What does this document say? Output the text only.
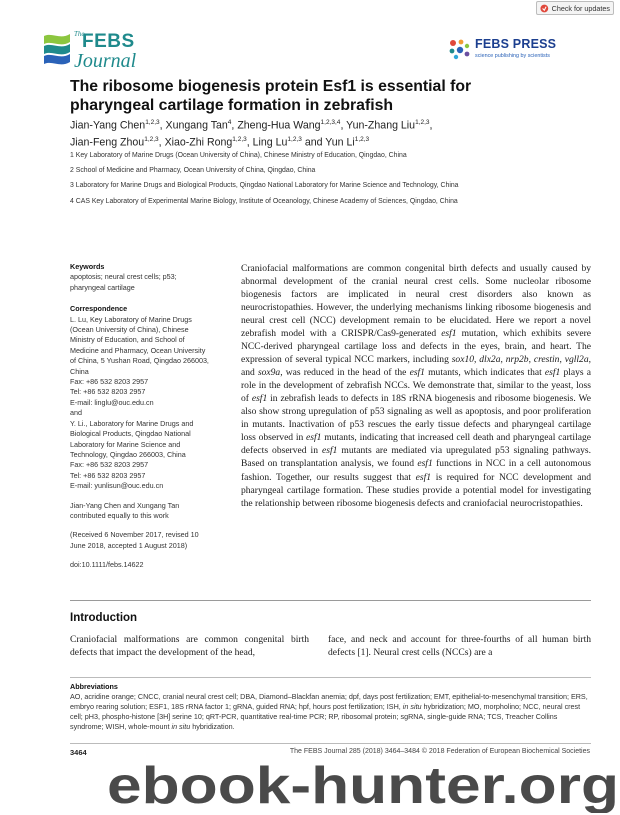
Check for updates
The
FEBS
Journal
FEBS PRESS
science publishing by scientists
The ribosome biogenesis protein Esf1 is essential for
pharyngeal cartilage formation in zebrafish
Jian-Yang Chen$^{1,2,3}$, Xungang Tan$^4$, Zheng-Hua Wang$^{1,2,3,4}$, Yun-Zhang Liu$^{1,2,3}$,
Jian-Feng Zhou$^{1,2,3}$, Xiao-Zhi Rong$^{1,2,3}$, Ling Lu$^{1,2,3}$ and Yun Li$^{1,2,3}$
1 Key Laboratory of Marine Drugs (Ocean University of China), Chinese Ministry of Education, Qingdao, China
2 School of Medicine and Pharmacy, Ocean University of China, Qingdao, China
3 Laboratory for Marine Drugs and Biological Products, Qingdao National Laboratory for Marine Science and Technology, China
4 CAS Key Laboratory of Experimental Marine Biology, Institute of Oceanology, Chinese Academy of Sciences, Qingdao, China
Keywords
apoptosis; neural crest cells; p53;
pharyngeal cartilage
Correspondence
L. Lu, Key Laboratory of Marine Drugs
(Ocean University of China), Chinese
Ministry of Education, and School of
Medicine and Pharmacy, Ocean University
of China, 5 Yushan Road, Qingdao 266003,
China
Fax: +86 532 8203 2957
Tel: +86 532 8203 2957
E-mail: linglu@ouc.edu.cn
and
Y. Li., Laboratory for Marine Drugs and
Biological Products, Qingdao National
Laboratory for Marine Science and
Technology, Qingdao 266003, China
Fax: +86 532 8203 2957
Tel: +86 532 8203 2957
E-mail: yunlisun@ouc.edu.cn
Jian-Yang Chen and Xungang Tan
contributed equally to this work
(Received 6 November 2017, revised 10
June 2018, accepted 1 August 2018)
doi:10.1111/febs.14622
Craniofacial malformations are common congenital birth defects and usually caused by abnormal development of the cranial neural crest cells. Some nucleolar ribosome biogenesis factors are implicated in neural crest disorders also known as neurocristopathies. However, the underlying mechanisms linking ribosome biogenesis and neural crest cell (NCC) development remain to be elucidated. Here we report a novel zebrafish model with a CRISPR/Cas9-generated esf1 mutation, which exhibits severe NCC-derived pharyngeal cartilage loss and defects in the eyes, brain, and heart. The expression of several typical NCC markers, including sox10, dlx2a, nrp2b, crestin, vgll2a, and sox9a, was reduced in the head of the esf1 mutants, which indicates that esf1 plays a role in the development of zebrafish NCCs. We demonstrate that, similar to the yeast, loss of esf1 in zebrafish leads to defects in 18S rRNA biogenesis and ribosome biogenesis. We also show strong upregulation of p53 signaling as well as apoptosis, and poor proliferation in mutants. Inactivation of p53 rescues the early tissue defects and pharyngeal cartilage loss observed in esf1 mutants, indicating that increased cell death and pharyngeal cartilage defects observed in esf1 mutants are mediated via upregulated p53 signaling pathways. Based on transplantation analysis, we found esf1 functions in NCC in a cell autonomous fashion. Together, our results suggest that esf1 is required for NCC development and pharyngeal cartilage formation. These studies provide a potential model for investigating the relationship between ribosome biogenesis defects and craniofacial neurocristopathies.
Introduction
Craniofacial malformations are common congenital birth defects that impact the development of the head,
face, and neck and account for three-fourths of all human birth defects [1]. Neural crest cells (NCCs) are a
Abbreviations
AO, acridine orange; CNCC, cranial neural crest cell; DBA, Diamond–Blackfan anemia; dpf, days post fertilization; EMT, epithelial-to-mesenchymal transition; ERS, embryo rearing solution; ESF1, 18S rRNA factor 1; gRNA, guided RNA; hpf, hours post fertilization; ISH, in situ hybridization; MO, morpholino; NCC, neural crest cell; pH3, phospho-histone [3H] serine 10; qRT-PCR, quantitative real-time PCR; RP, ribosomal protein; sgRNA, single-guide RNA; TCS, Treacher Collins syndrome; WISH, whole-mount in situ hybridization.
3464	The FEBS Journal 285 (2018) 3464–3484 © 2018 Federation of European Biochemical Societies
ebook-hunter.org
